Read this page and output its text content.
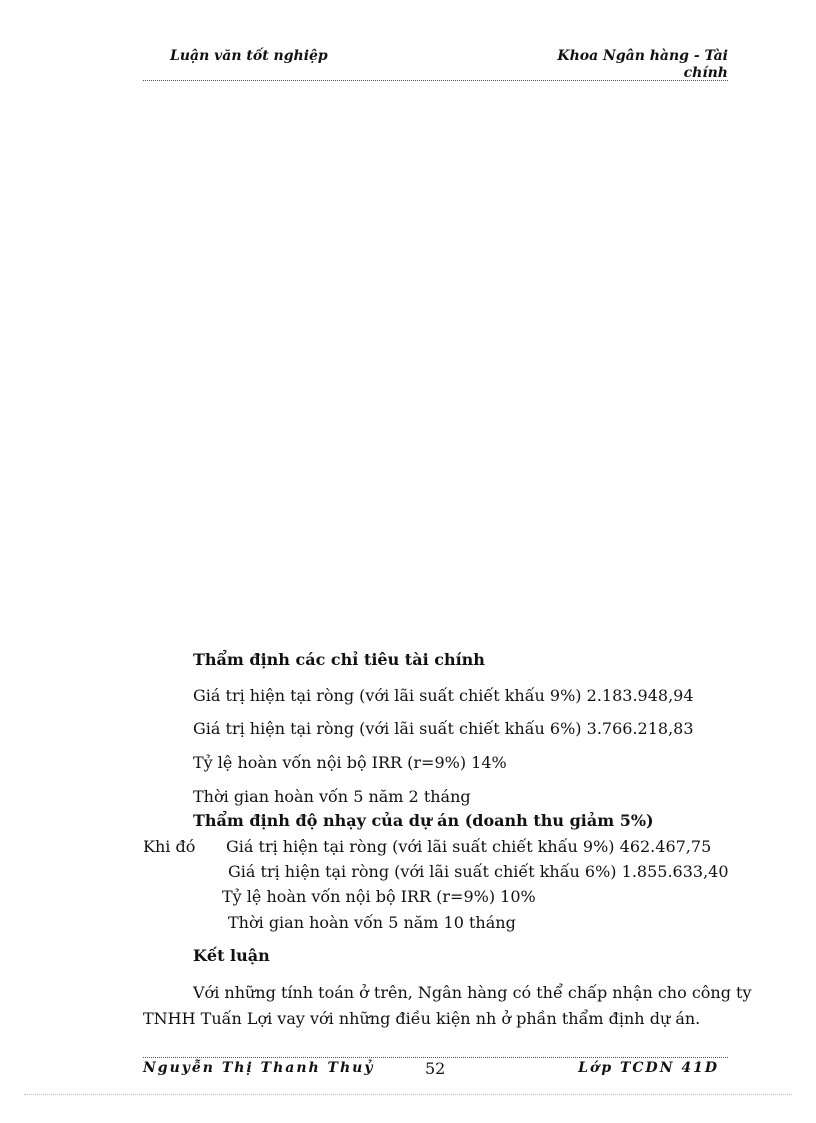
Luận văn tốt nghiệp	Khoa Ngân hàng - Tài
chính
Thẩm định các chỉ tiêu tài chính
Giá trị hiện tại ròng (với lãi suất chiết khấu 9%) 2.183.948,94
Giá trị hiện tại ròng (với lãi suất chiết khấu 6%) 3.766.218,83
Tỷ lệ hoàn vốn nội bộ IRR (r=9%) 14%
Thời gian hoàn vốn 5 năm 2 tháng
Thẩm định độ nhạy của dự án (doanh thu giảm 5%)
Khi đó Giá trị hiện tại ròng (với lãi suất chiết khấu 9%) 462.467,75
Giá trị hiện tại ròng (với lãi suất chiết khấu 6%) 1.855.633,40
Tỷ lệ hoàn vốn nội bộ IRR (r=9%) 10%
Thời gian hoàn vốn 5 năm 10 tháng
Kết luận
Với những tính toán ở trên, Ngân hàng có thể chấp nhận cho công ty
TNHH Tuấn Lợi vay với những điều kiện nh ở phần thẩm định dự án.
Nguyễn Thị Thanh Thuỷ	52	Lớp TCDN 41D
